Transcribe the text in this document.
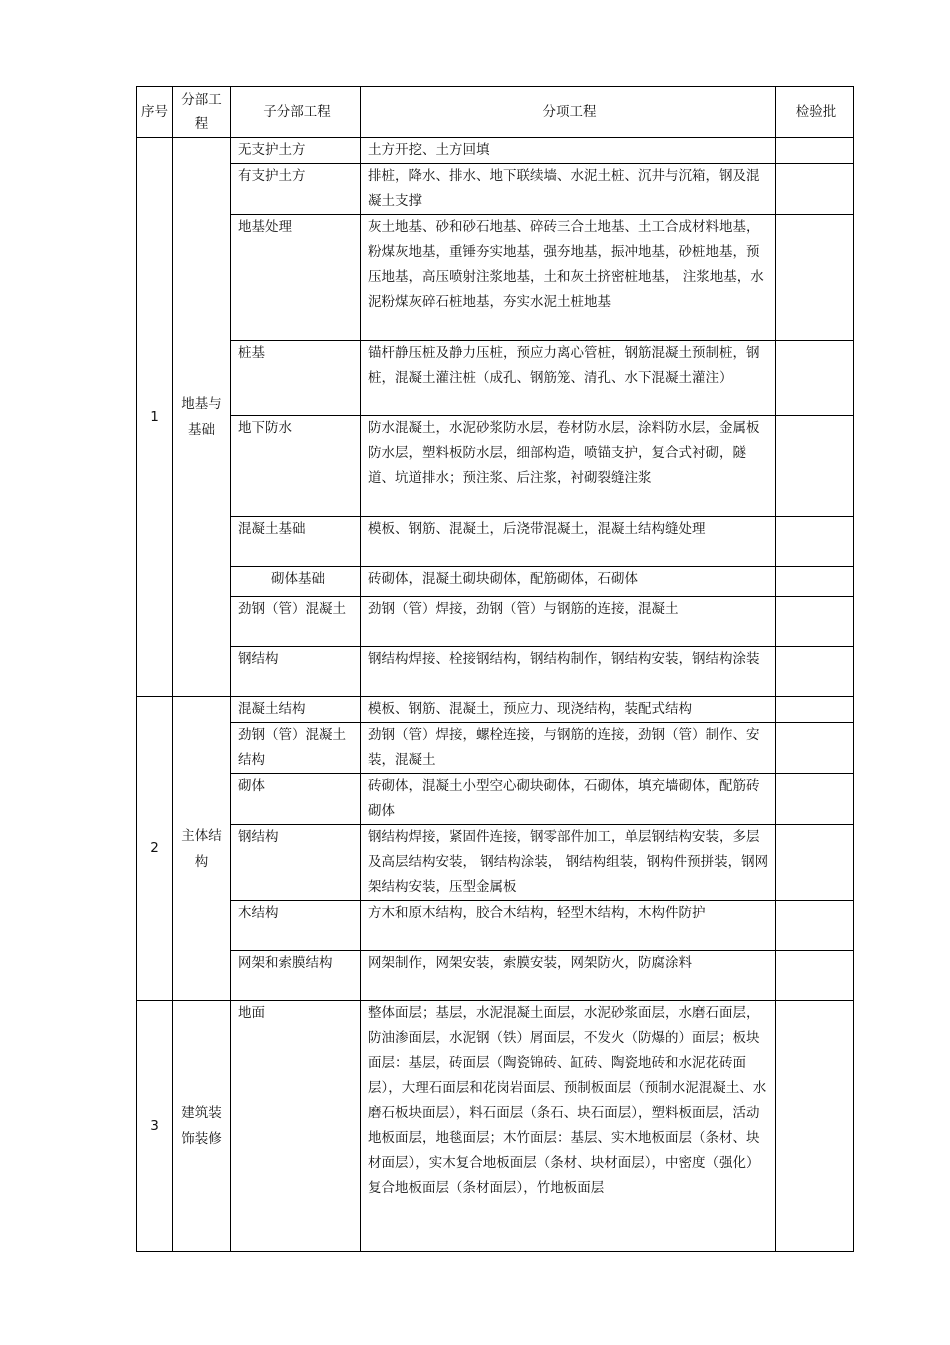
序号	分部工程	子分部工程	分项工程	检验批
1	地基与基础	无支护土方	土方开挖、土方回填	
		有支护土方	排桩，降水、排水、地下联续墙、水泥土桩、沉井与沉箱，钢及混凝土支撑	
		地基处理	灰土地基、砂和砂石地基、碎砖三合土地基、土工合成材料地基，粉煤灰地基，重锤夯实地基，强夯地基，振冲地基，砂桩地基，预压地基，高压喷射注浆地基，土和灰土挤密桩地基， 注浆地基，水泥粉煤灰碎石桩地基，夯实水泥土桩地基	
		桩基	锚杆静压桩及静力压桩，预应力离心管桩，钢筋混凝土预制桩，钢桩，混凝土灌注桩（成孔、钢筋笼、清孔、水下混凝土灌注）	
		地下防水	防水混凝土，水泥砂浆防水层，卷材防水层，涂料防水层，金属板防水层，塑料板防水层，细部构造，喷锚支护，复合式衬砌，隧道、坑道排水；预注浆、后注浆，衬砌裂缝注浆	
		混凝土基础	模板、钢筋、混凝土，后浇带混凝土，混凝土结构缝处理	
		砌体基础	砖砌体，混凝土砌块砌体，配筋砌体，石砌体	
		劲钢（管）混凝土	劲钢（管）焊接，劲钢（管）与钢筋的连接，混凝土	
		钢结构	钢结构焊接、栓接钢结构，钢结构制作，钢结构安装，钢结构涂装	
2	主体结构	混凝土结构	模板、钢筋、混凝土，预应力、现浇结构，装配式结构	
		劲钢（管）混凝土结构	劲钢（管）焊接，螺栓连接，与钢筋的连接，劲钢（管）制作、安装，混凝土	
		砌体	砖砌体，混凝土小型空心砌块砌体，石砌体，填充墙砌体，配筋砖砌体	
		钢结构	钢结构焊接，紧固件连接，钢零部件加工，单层钢结构安装，多层及高层结构安装， 钢结构涂装， 钢结构组装，钢构件预拼装，钢网架结构安装，压型金属板	
		木结构	方木和原木结构，胶合木结构，轻型木结构，木构件防护	
		网架和索膜结构	网架制作，网架安装，索膜安装，网架防火，防腐涂料	
3	建筑装饰装修	地面	整体面层；基层，水泥混凝土面层，水泥砂浆面层，水磨石面层，防油渗面层，水泥钢（铁）屑面层，不发火（防爆的）面层；板块面层：基层，砖面层（陶瓷锦砖、缸砖、陶瓷地砖和水泥花砖面层），大理石面层和花岗岩面层、预制板面层（预制水泥混凝土、水磨石板块面层），料石面层（条石、块石面层），塑料板面层，活动地板面层，地毯面层；木竹面层：基层、实木地板面层（条材、块材面层），实木复合地板面层（条材、块材面层），中密度（强化）复合地板面层（条材面层），竹地板面层	
